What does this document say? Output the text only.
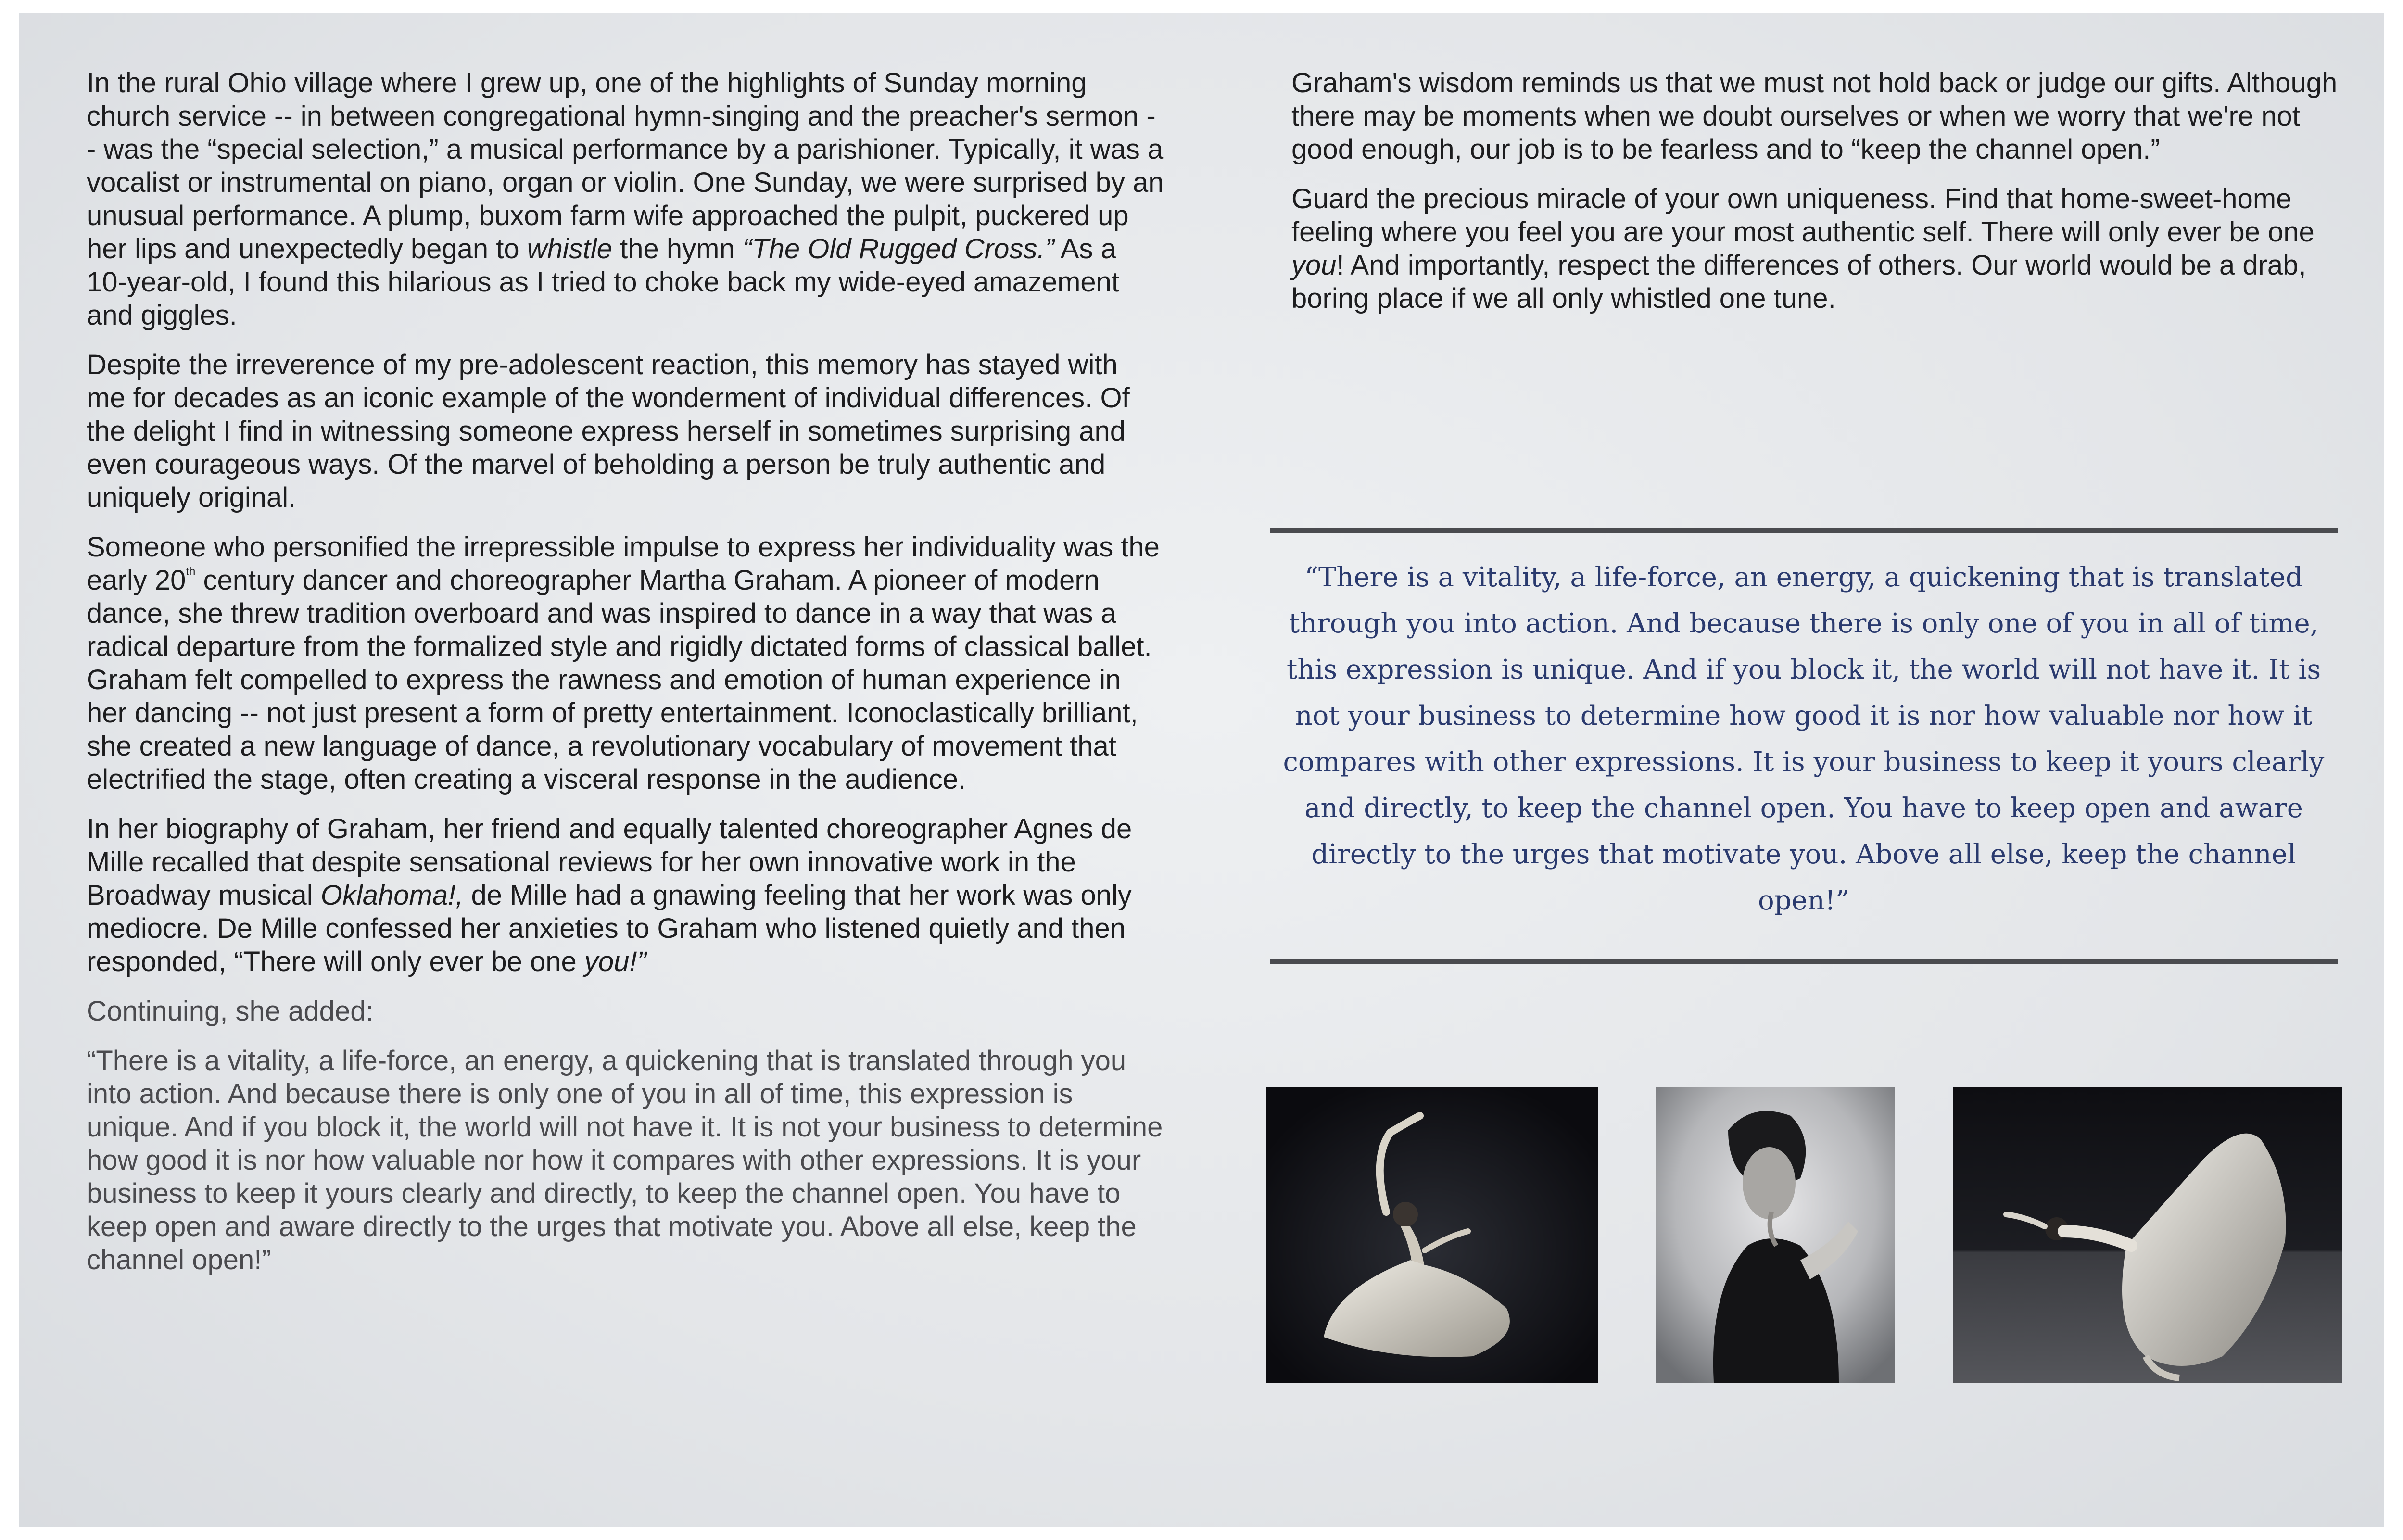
In the rural Ohio village where I grew up, one of the highlights of Sunday morning church service -- in between congregational hymn-singing and the preacher's sermon -- was the “special selection,” a musical performance by a parishioner. Typically, it was a vocalist or instrumental on piano, organ or violin. One Sunday, we were surprised by an unusual performance. A plump, buxom farm wife approached the pulpit, puckered up her lips and unexpectedly began to whistle the hymn “The Old Rugged Cross.” As a 10-year-old, I found this hilarious as I tried to choke back my wide-eyed amazement and giggles.

Despite the irreverence of my pre-adolescent reaction, this memory has stayed with me for decades as an iconic example of the wonderment of individual differences. Of the delight I find in witnessing someone express herself in sometimes surprising and even courageous ways. Of the marvel of beholding a person be truly authentic and uniquely original.

Someone who personified the irrepressible impulse to express her individuality was the early 20th century dancer and choreographer Martha Graham. A pioneer of modern dance, she threw tradition overboard and was inspired to dance in a way that was a radical departure from the formalized style and rigidly dictated forms of classical ballet. Graham felt compelled to express the rawness and emotion of human experience in her dancing -- not just present a form of pretty entertainment. Iconoclastically brilliant, she created a new language of dance, a revolutionary vocabulary of movement that electrified the stage, often creating a visceral response in the audience.

In her biography of Graham, her friend and equally talented choreographer Agnes de Mille recalled that despite sensational reviews for her own innovative work in the Broadway musical Oklahoma!, de Mille had a gnawing feeling that her work was only mediocre. De Mille confessed her anxieties to Graham who listened quietly and then responded, “There will only ever be one you!”

Continuing, she added:

“There is a vitality, a life-force, an energy, a quickening that is translated through you into action. And because there is only one of you in all of time, this expression is unique. And if you block it, the world will not have it. It is not your business to determine how good it is nor how valuable nor how it compares with other expressions. It is your business to keep it yours clearly and directly, to keep the channel open. You have to keep open and aware directly to the urges that motivate you. Above all else, keep the channel open!”

Graham's wisdom reminds us that we must not hold back or judge our gifts. Although there may be moments when we doubt ourselves or when we worry that we're not good enough, our job is to be fearless and to “keep the channel open.”

Guard the precious miracle of your own uniqueness. Find that home-sweet-home feeling where you feel you are your most authentic self. There will only ever be one you! And importantly, respect the differences of others. Our world would be a drab, boring place if we all only whistled one tune.

“There is a vitality, a life-force, an energy, a quickening that is translated through you into action. And because there is only one of you in all of time, this expression is unique. And if you block it, the world will not have it. It is not your business to determine how good it is nor how valuable nor how it compares with other expressions. It is your business to keep it yours clearly and directly, to keep the channel open. You have to keep open and aware directly to the urges that motivate you. Above all else, keep the channel open!”
